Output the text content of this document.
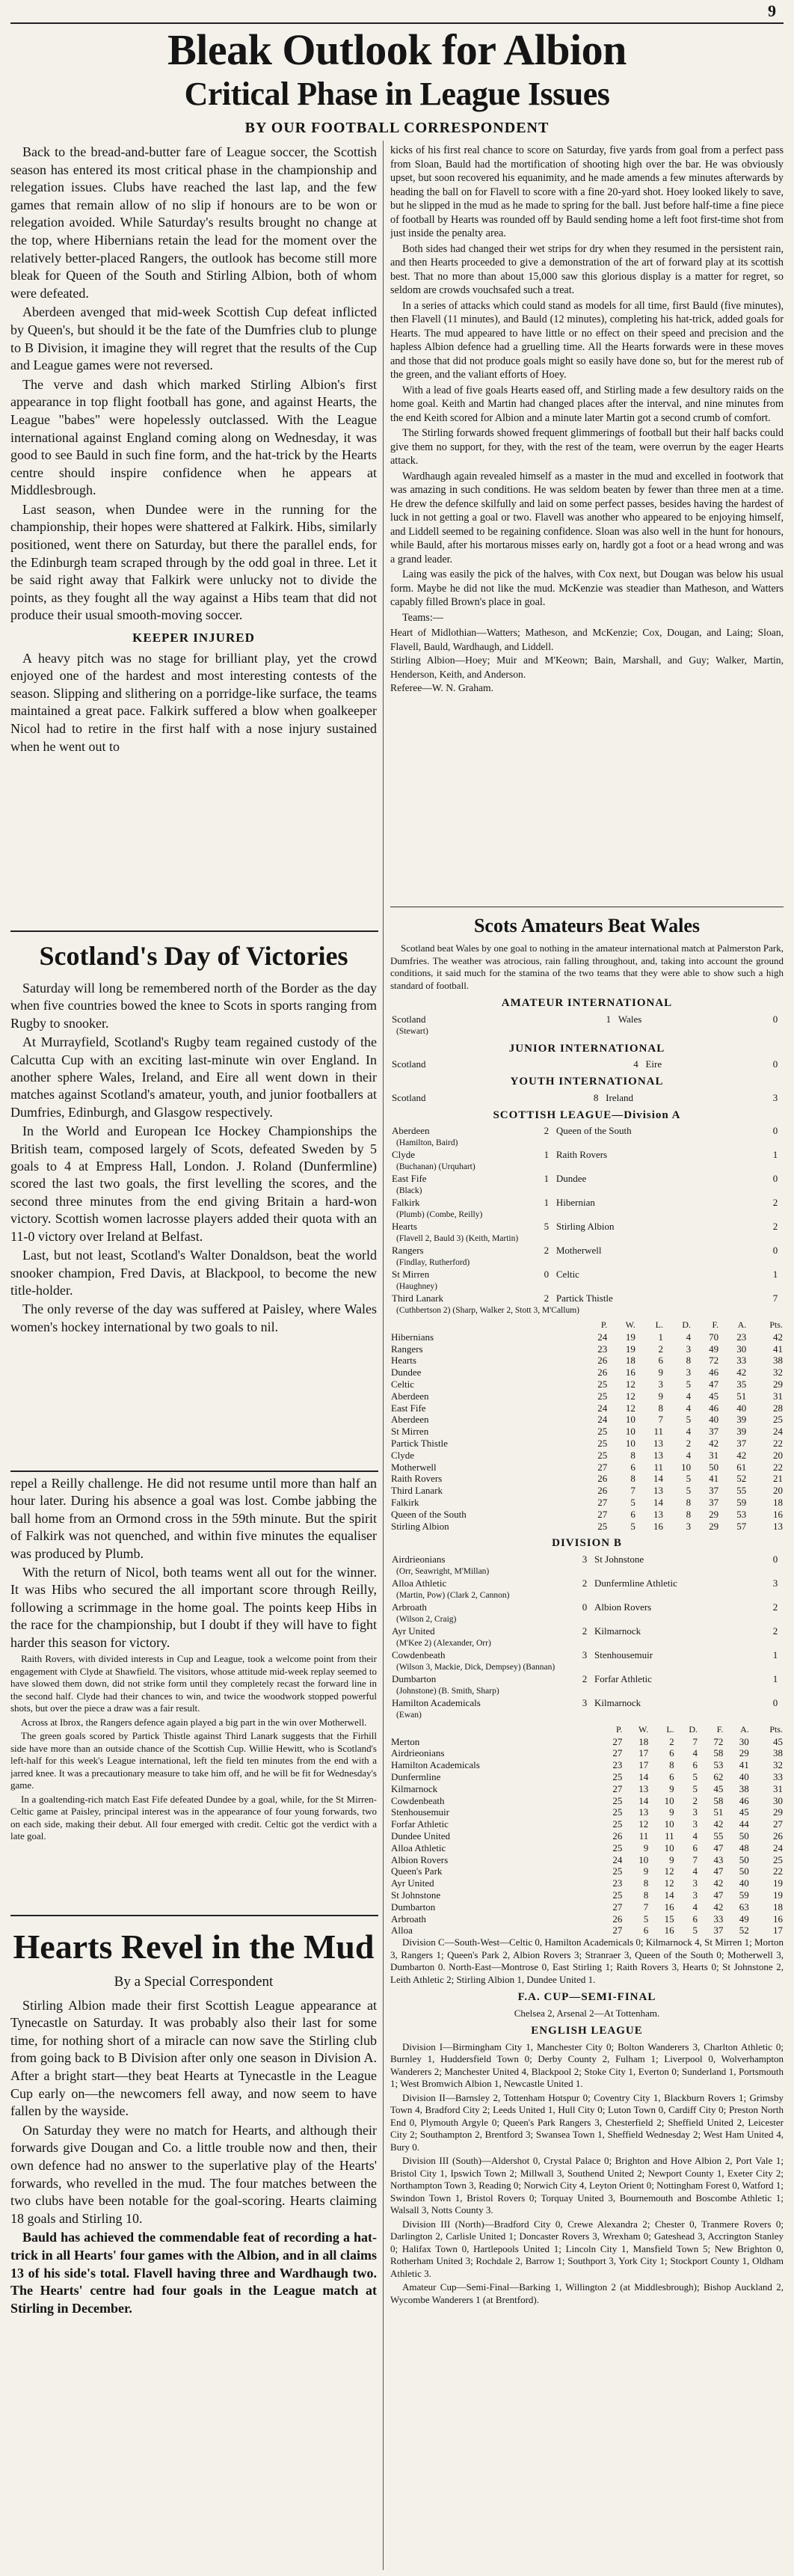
9
Bleak Outlook for Albion
Critical Phase in League Issues
BY OUR FOOTBALL CORRESPONDENT

Back to the bread-and-butter fare of League soccer, the Scottish season has entered its most critical phase in the championship and relegation issues. Clubs have reached the last lap, and the few games that remain allow of no slip if honours are to be won or relegation avoided. While Saturday's results brought no change at the top, where Hibernians retain the lead for the moment over the relatively better-placed Rangers, the outlook has become still more bleak for Queen of the South and Stirling Albion, both of whom were defeated.

Aberdeen avenged that mid-week Scottish Cup defeat inflicted by Queen's, but should it be the fate of the Dumfries club to plunge to B Division, it imagine they will regret that the results of the Cup and League games were not reversed.

The verve and dash which marked Stirling Albion's first appearance in top flight football has gone, and against Hearts, the League "babes" were hopelessly outclassed. With the League international against England coming along on Wednesday, it was good to see Bauld in such fine form, and the hat-trick by the Hearts centre should inspire confidence when he appears at Middlesbrough.

Last season, when Dundee were in the running for the championship, their hopes were shattered at Falkirk. Hibs, similarly positioned, went there on Saturday, but there the parallel ends, for the Edinburgh team scraped through by the odd goal in three. Let it be said right away that Falkirk were unlucky not to divide the points, as they fought all the way against a Hibs team that did not produce their usual smooth-moving soccer.

KEEPER INJURED

A heavy pitch was no stage for brilliant play, yet the crowd enjoyed one of the hardest and most interesting contests of the season. Slipping and slithering on a porridge-like surface, the teams maintained a great pace. Falkirk suffered a blow when goalkeeper Nicol had to retire in the first half with a nose injury sustained when he went out to

kicks of his first real chance to score on Saturday, five yards from goal from a perfect pass from Sloan, Bauld had the mortification of shooting high over the bar. He was obviously upset, but soon recovered his equanimity, and he made amends a few minutes afterwards by heading the ball on for Flavell to score with a fine 20-yard shot. Hoey looked likely to save, but he slipped in the mud as he made to spring for the ball. Just before half-time a fine piece of football by Hearts was rounded off by Bauld sending home a left foot first-time shot from just inside the penalty area.

Both sides had changed their wet strips for dry when they resumed in the persistent rain, and then Hearts proceeded to give a demonstration of the art of forward play at its scottish best. That no more than about 15,000 saw this glorious display is a matter for regret, so seldom are crowds vouchsafed such a treat.

In a series of attacks which could stand as models for all time, first Bauld (five minutes), then Flavell (11 minutes), and Bauld (12 minutes), completing his hat-trick, added goals for Hearts. The mud appeared to have little or no effect on their speed and precision and the hapless Albion defence had a gruelling time. All the Hearts forwards were in these moves and those that did not produce goals might so easily have done so, but for the merest rub of the green, and the valiant efforts of Hoey.

With a lead of five goals Hearts eased off, and Stirling made a few desultory raids on the home goal. Keith and Martin had changed places after the interval, and nine minutes from the end Keith scored for Albion and a minute later Martin got a second crumb of comfort.

The Stirling forwards showed frequent glimmerings of football but their half backs could give them no support, for they, with the rest of the team, were overrun by the eager Hearts attack.

Wardhaugh again revealed himself as a master in the mud and excelled in footwork that was amazing in such conditions. He was seldom beaten by fewer than three men at a time. He drew the defence skilfully and laid on some perfect passes, besides having the hardest of luck in not getting a goal or two. Flavell was another who appeared to be enjoying himself, and Liddell seemed to be regaining confidence. Sloan was also well in the hunt for honours, while Bauld, after his mortarous misses early on, hardly got a foot or a head wrong and was a grand leader.

Laing was easily the pick of the halves, with Cox next, but Dougan was below his usual form. Maybe he did not like the mud. McKenzie was steadier than Matheson, and Watters capably filled Brown's place in goal.

Teams:—

Heart of Midlothian—Watters; Matheson, and McKenzie; Cox, Dougan, and Laing; Sloan, Flavell, Bauld, Wardhaugh, and Liddell.
Stirling Albion—Hoey; Muir and M'Keown; Bain, Marshall, and Guy; Walker, Martin, Henderson, Keith, and Anderson.
Referee—W. N. Graham.

Scotland's Day of Victories

Saturday will long be remembered north of the Border as the day when five countries bowed the knee to Scots in sports ranging from Rugby to snooker.

At Murrayfield, Scotland's Rugby team regained custody of the Calcutta Cup with an exciting last-minute win over England. In another sphere Wales, Ireland, and Eire all went down in their matches against Scotland's amateur, youth, and junior footballers at Dumfries, Edinburgh, and Glasgow respectively.

In the World and European Ice Hockey Championships the British team, composed largely of Scots, defeated Sweden by 5 goals to 4 at Empress Hall, London. J. Roland (Dunfermline) scored the last two goals, the first levelling the scores, and the second three minutes from the end giving Britain a hard-won victory. Scottish women lacrosse players added their quota with an 11-0 victory over Ireland at Belfast.

Last, but not least, Scotland's Walter Donaldson, beat the world snooker champion, Fred Davis, at Blackpool, to become the new title-holder.

The only reverse of the day was suffered at Paisley, where Wales women's hockey international by two goals to nil.

repel a Reilly challenge. He did not resume until more than half an hour later. During his absence a goal was lost. Combe jabbing the ball home from an Ormond cross in the 59th minute. But the spirit of Falkirk was not quenched, and within five minutes the equaliser was produced by Plumb.

With the return of Nicol, both teams went all out for the winner. It was Hibs who secured the all important score through Reilly, following a scrimmage in the home goal. The points keep Hibs in the race for the championship, but I doubt if they will have to fight harder this season for victory.

Raith Rovers, with divided interests in Cup and League, took a welcome point from their engagement with Clyde at Shawfield. The visitors, whose attitude mid-week replay seemed to have slowed them down, did not strike form until they completely recast the forward line in the second half. Clyde had their chances to win, and twice the woodwork stopped powerful shots, but over the piece a draw was a fair result.

Across at Ibrox, the Rangers defence again played a big part in the win over Motherwell.

The green goals scored by Partick Thistle against Third Lanark suggests that the Firhill side have more than an outside chance of the Scottish Cup. Willie Hewitt, who is Scotland's left-half for this week's League international, left the field ten minutes from the end with a jarred knee. It was a precautionary measure to take him off, and he will be fit for Wednesday's game.

In a goaltending-rich match East Fife defeated Dundee by a goal, while, for the St Mirren-Celtic game at Paisley, principal interest was in the appearance of four young forwards, two on each side, making their debut. All four emerged with credit. Celtic got the verdict with a late goal.

Hearts Revel in the Mud
By a Special Correspondent

Stirling Albion made their first Scottish League appearance at Tynecastle on Saturday. It was probably also their last for some time, for nothing short of a miracle can now save the Stirling club from going back to B Division after only one season in Division A. After a bright start—they beat Hearts at Tynecastle in the League Cup early on—the newcomers fell away, and now seem to have fallen by the wayside.

On Saturday they were no match for Hearts, and although their forwards give Dougan and Co. a little trouble now and then, their own defence had no answer to the superlative play of the Hearts' forwards, who revelled in the mud. The four matches between the two clubs have been notable for the goal-scoring. Hearts claiming 18 goals and Stirling 10.

Bauld has achieved the commendable feat of recording a hat-trick in all Hearts' four games with the Albion, and in all claims 13 of his side's total. Flavell having three and Wardhaugh two. The Hearts' centre had four goals in the League match at Stirling in December.

Scots Amateurs Beat Wales

Scotland beat Wales by one goal to nothing in the amateur international match at Palmerston Park, Dumfries. The weather was atrocious, rain falling throughout, and, taking into account the ground conditions, it said much for the stamina of the two teams that they were able to show such a high standard of football.

AMATEUR INTERNATIONAL
Scotland	1	Wales	0
(Stewart)
JUNIOR INTERNATIONAL
Scotland	4	Eire	0
YOUTH INTERNATIONAL
Scotland	8	Ireland	3
SCOTTISH LEAGUE—Division A
Aberdeen	2	Queen of the South	0
(Hamilton, Baird)			
Clyde	1	Raith Rovers	1
(Buchanan) (Urquhart)			
East Fife	1	Dundee	0
(Black)			
Falkirk	1	Hibernian	2
(Plumb) (Combe, Reilly)			
Hearts	5	Stirling Albion	2
(Flavell 2, Bauld 3) (Keith, Martin)			
Rangers	2	Motherwell	0
(Findlay, Rutherford)			
St Mirren	0	Celtic	1
(Haughney)			
Third Lanark	2	Partick Thistle	7
(Cuthbertson 2) (Sharp, Walker 2, Stott 3, M'Callum)			
	P.	W.	L.	D.	F.	A.	Pts.
Hibernians	24	19	1	4	70	23	42
Rangers	23	19	2	3	49	30	41
Hearts	26	18	6	8	72	33	38
Dundee	26	16	9	3	46	42	32
Celtic	25	12	3	5	47	35	29
Aberdeen	25	12	9	4	45	51	31
East Fife	24	12	8	4	46	40	28
Aberdeen	24	10	7	5	40	39	25
St Mirren	25	10	11	4	37	39	24
Partick Thistle	25	10	13	2	42	37	22
Clyde	25	8	13	4	31	42	20
Motherwell	27	6	11	10	50	61	22
Raith Rovers	26	8	14	5	41	52	21
Third Lanark	26	7	13	5	37	55	20
Falkirk	27	5	14	8	37	59	18
Queen of the South	27	6	13	8	29	53	16
Stirling Albion	25	5	16	3	29	57	13
DIVISION B
Airdrieonians	3	St Johnstone	0
(Orr, Seawright, M'Millan)			
Alloa Athletic	2	Dunfermline Athletic	3
(Martin, Pow) (Clark 2, Cannon)			
Arbroath	0	Albion Rovers	2
(Wilson 2, Craig)			
Ayr United	2	Kilmarnock	2
(M'Kee 2) (Alexander, Orr)			
Cowdenbeath	3	Stenhousemuir	1
(Wilson 3, Mackie, Dick, Dempsey) (Bannan)			
Dumbarton	2	Forfar Athletic	1
(Johnstone) (B. Smith, Sharp)			
Hamilton Academicals	3	Kilmarnock	0
(Ewan)			
	P.	W.	L.	D.	F.	A.	Pts.
Merton	27	18	2	7	72	30	45
Airdrieonians	27	17	6	4	58	29	38
Hamilton Academicals	23	17	8	6	53	41	32
Dunfermline	25	14	6	5	62	40	33
Kilmarnock	27	13	9	5	45	38	31
Cowdenbeath	25	14	10	2	58	46	30
Stenhousemuir	25	13	9	3	51	45	29
Forfar Athletic	25	12	10	3	42	44	27
Dundee United	26	11	11	4	55	50	26
Alloa Athletic	25	9	10	6	47	48	24
Albion Rovers	24	10	9	7	43	50	25
Queen's Park	25	9	12	4	47	50	22
Ayr United	23	8	12	3	42	40	19
St Johnstone	25	8	14	3	47	59	19
Dumbarton	27	7	16	4	42	63	18
Arbroath	26	5	15	6	33	49	16
Alloa	27	6	16	5	37	52	17

Division C—South-West—Celtic 0, Hamilton Academicals 0; Kilmarnock 4, St Mirren 1; Morton 3, Rangers 1; Queen's Park 2, Albion Rovers 3; Stranraer 3, Queen of the South 0; Motherwell 3, Dumbarton 0. North-East—Montrose 0, East Stirling 1; Raith Rovers 3, Hearts 0; St Johnstone 2, Leith Athletic 2; Stirling Albion 1, Dundee United 1.

F.A. CUP—SEMI-FINAL
Chelsea 2, Arsenal 2—At Tottenham.
ENGLISH LEAGUE

Division I—Birmingham City 1, Manchester City 0; Bolton Wanderers 3, Charlton Athletic 0; Burnley 1, Huddersfield Town 0; Derby County 2, Fulham 1; Liverpool 0, Wolverhampton Wanderers 2; Manchester United 4, Blackpool 2; Stoke City 1, Everton 0; Sunderland 1, Portsmouth 1; West Bromwich Albion 1, Newcastle United 1.

Division II—Barnsley 2, Tottenham Hotspur 0; Coventry City 1, Blackburn Rovers 1; Grimsby Town 4, Bradford City 2; Leeds United 1, Hull City 0; Luton Town 0, Cardiff City 0; Preston North End 0, Plymouth Argyle 0; Queen's Park Rangers 3, Chesterfield 2; Sheffield United 2, Leicester City 2; Southampton 2, Brentford 3; Swansea Town 1, Sheffield Wednesday 2; West Ham United 4, Bury 0.

Division III (South)—Aldershot 0, Crystal Palace 0; Brighton and Hove Albion 2, Port Vale 1; Bristol City 1, Ipswich Town 2; Millwall 3, Southend United 2; Newport County 1, Exeter City 2; Northampton Town 3, Reading 0; Norwich City 4, Leyton Orient 0; Nottingham Forest 0, Watford 1; Swindon Town 1, Bristol Rovers 0; Torquay United 3, Bournemouth and Boscombe Athletic 1; Walsall 3, Notts County 3.

Division III (North)—Bradford City 0, Crewe Alexandra 2; Chester 0, Tranmere Rovers 0; Darlington 2, Carlisle United 1; Doncaster Rovers 3, Wrexham 0; Gateshead 3, Accrington Stanley 0; Halifax Town 0, Hartlepools United 1; Lincoln City 1, Mansfield Town 5; New Brighton 0, Rotherham United 3; Rochdale 2, Barrow 1; Southport 3, York City 1; Stockport County 1, Oldham Athletic 3.

Amateur Cup—Semi-Final—Barking 1, Willington 2 (at Middlesbrough); Bishop Auckland 2, Wycombe Wanderers 1 (at Brentford).
